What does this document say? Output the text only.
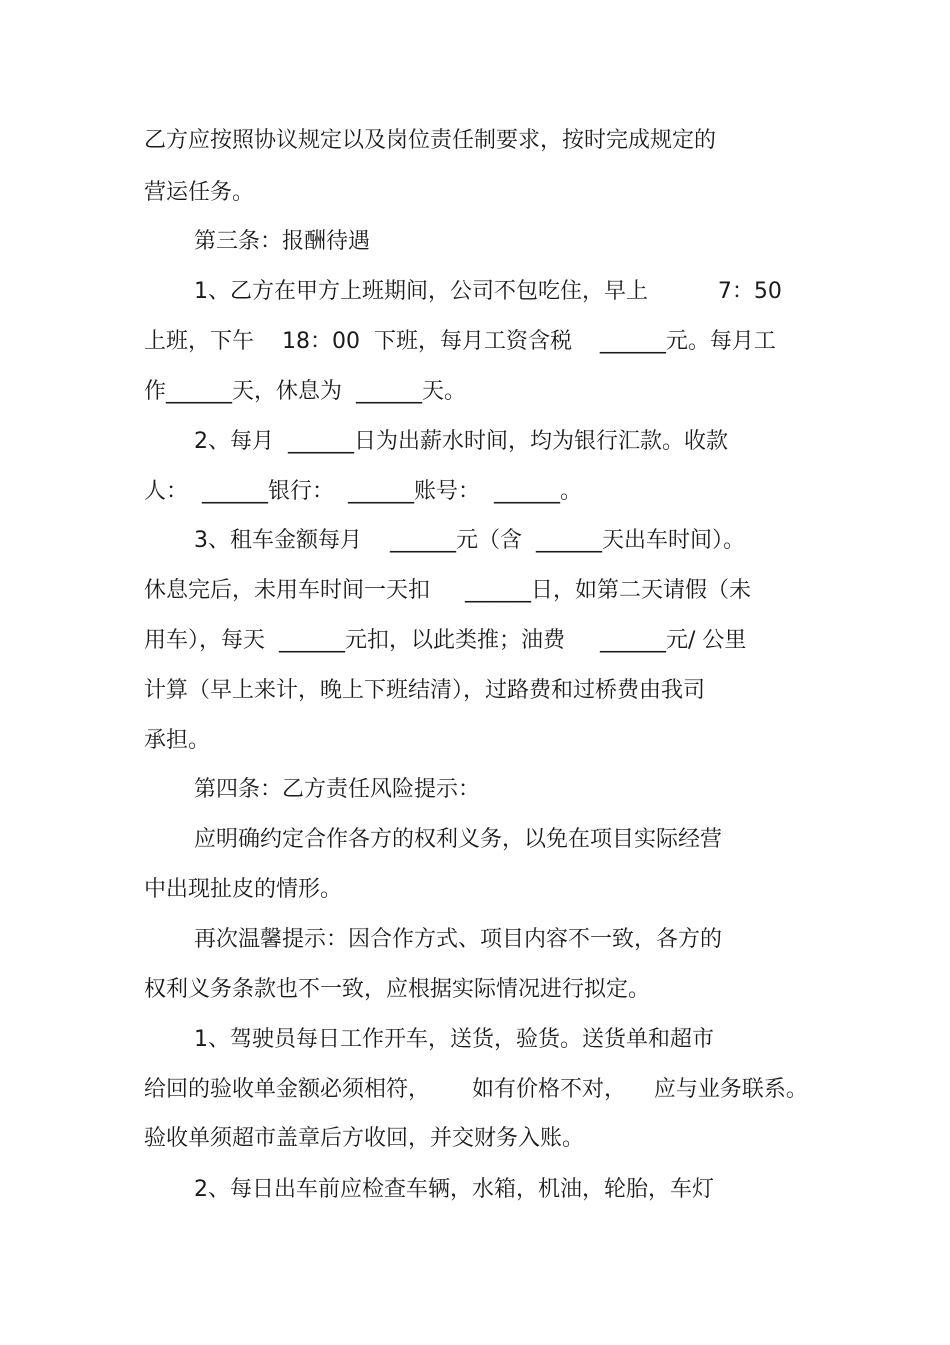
乙方应按照协议规定以及岗位责任制要求，按时完成规定的
营运任务。
第三条：报酬待遇
1、乙方在甲方上班期间，公司不包吃住，早上          7：50
上班，下午    18：00  下班，每月工资含税    ______元。每月工
作______天，休息为  ______天。
2、每月  ______日为出薪水时间，均为银行汇款。收款
人：  ______银行：  ______账号：  ______。
3、租车金额每月    ______元（含  ______天出车时间）。
休息完后，未用车时间一天扣     ______日，如第二天请假（未
用车），每天  ______元扣，以此类推；油费     ______元/ 公里
计算（早上来计，晚上下班结清），过路费和过桥费由我司
承担。
第四条：乙方责任风险提示：
应明确约定合作各方的权利义务，以免在项目实际经营
中出现扯皮的情形。
再次温馨提示：因合作方式、项目内容不一致，各方的
权利义务条款也不一致，应根据实际情况进行拟定。
1、驾驶员每日工作开车，送货，验货。送货单和超市
给回的验收单金额必须相符，      如有价格不对，    应与业务联系。
验收单须超市盖章后方收回，并交财务入账。
2、每日出车前应检查车辆，水箱，机油，轮胎，车灯
